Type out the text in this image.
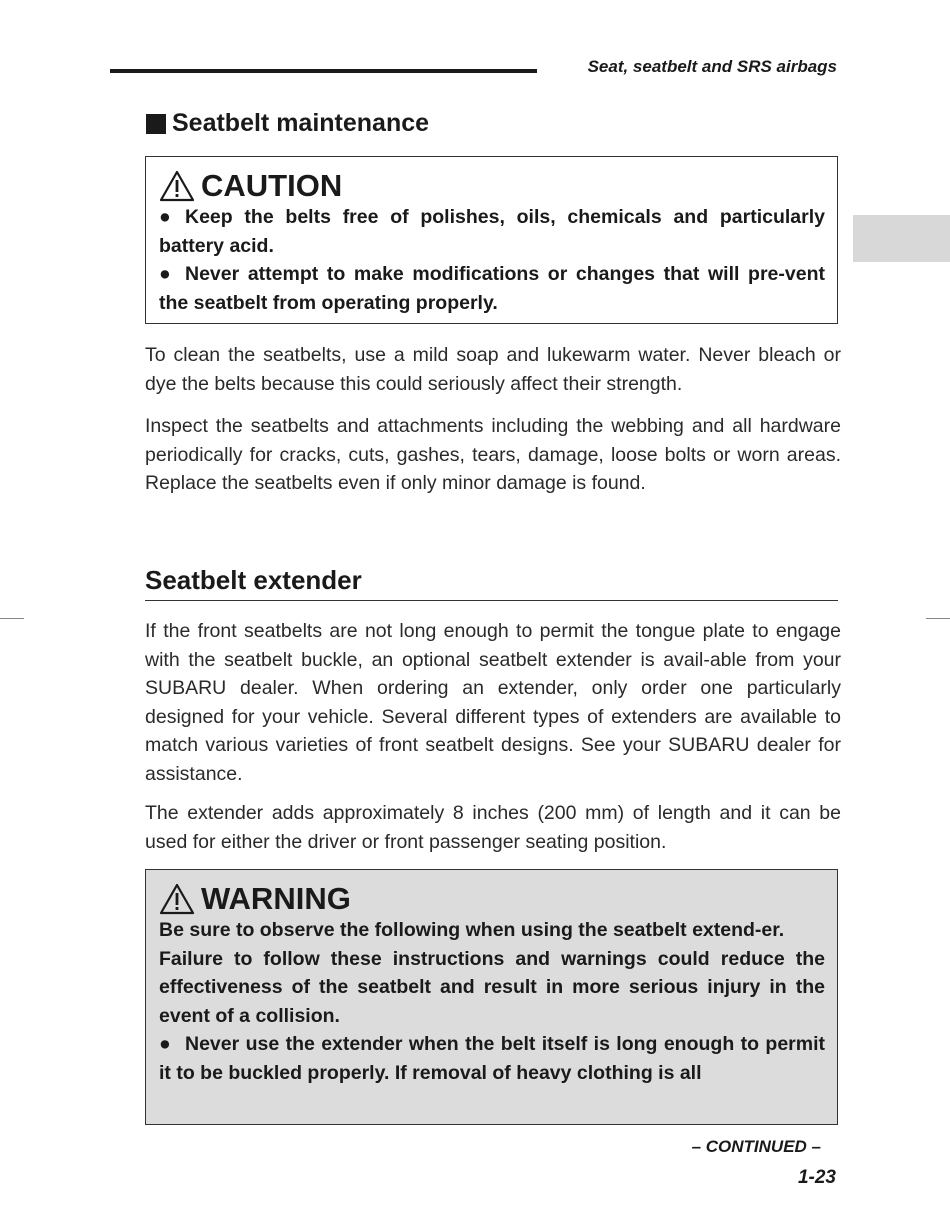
Seat, seatbelt and SRS airbags
Seatbelt maintenance
CAUTION

● Keep the belts free of polishes, oils, chemicals and particularly battery acid.

● Never attempt to make modifications or changes that will pre-vent the seatbelt from operating properly.

To clean the seatbelts, use a mild soap and lukewarm water. Never bleach or dye the belts because this could seriously affect their strength.

Inspect the seatbelts and attachments including the webbing and all hardware periodically for cracks, cuts, gashes, tears, damage, loose bolts or worn areas. Replace the seatbelts even if only minor damage is found.

Seatbelt extender

If the front seatbelts are not long enough to permit the tongue plate to engage with the seatbelt buckle, an optional seatbelt extender is avail-able from your SUBARU dealer. When ordering an extender, only order one particularly designed for your vehicle. Several different types of extenders are available to match various varieties of front seatbelt designs. See your SUBARU dealer for assistance.

The extender adds approximately 8 inches (200 mm) of length and it can be used for either the driver or front passenger seating position.

WARNING

Be sure to observe the following when using the seatbelt extend-er.

Failure to follow these instructions and warnings could reduce the effectiveness of the seatbelt and result in more serious injury in the event of a collision.

● Never use the extender when the belt itself is long enough to permit it to be buckled properly. If removal of heavy clothing is all

– CONTINUED –
1-23
